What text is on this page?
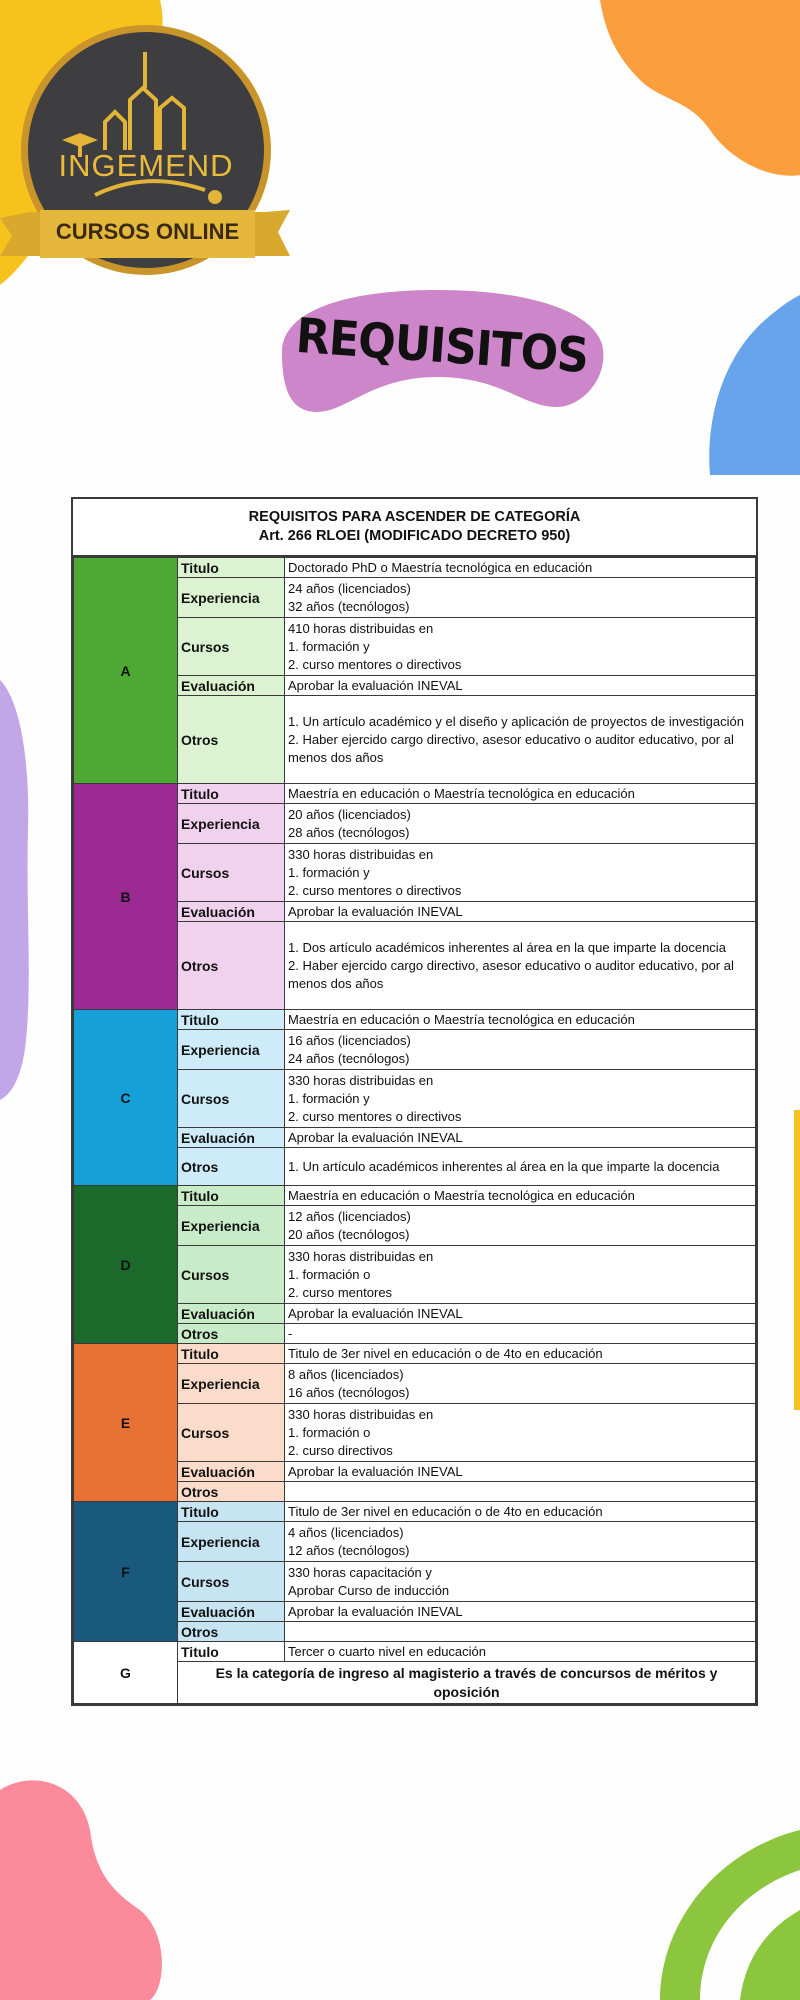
INGEMEND
CURSOS ONLINE
REQUISITOS
REQUISITOS PARA ASCENDER DE CATEGORÍA
Art. 266 RLOEI (MODIFICADO DECRETO 950)
A	Titulo	Doctorado PhD o Maestría tecnológica en educación
	Experiencia	24 años (licenciados)
32 años (tecnólogos)
	Cursos	410 horas distribuidas en
1. formación y
2. curso mentores o directivos
	Evaluación	Aprobar la evaluación INEVAL
	Otros	1. Un artículo académico y el diseño y aplicación de proyectos de investigación
2. Haber ejercido cargo directivo, asesor educativo o auditor educativo, por al menos dos años
B	Titulo	Maestría en educación o Maestría tecnológica en educación
	Experiencia	20 años (licenciados)
28 años (tecnólogos)
	Cursos	330 horas distribuidas en
1. formación y
2. curso mentores o directivos
	Evaluación	Aprobar la evaluación INEVAL
	Otros	1. Dos artículo académicos inherentes al área en la que imparte la docencia
2. Haber ejercido cargo directivo, asesor educativo o auditor educativo, por al menos dos años
C	Titulo	Maestría en educación o Maestría tecnológica en educación
	Experiencia	16 años (licenciados)
24 años (tecnólogos)
	Cursos	330 horas distribuidas en
1. formación y
2. curso mentores o directivos
	Evaluación	Aprobar la evaluación INEVAL
	Otros	1. Un artículo académicos inherentes al área en la que imparte la docencia
D	Titulo	Maestría en educación o Maestría tecnológica en educación
	Experiencia	12 años (licenciados)
20 años (tecnólogos)
	Cursos	330 horas distribuidas en
1. formación o
2. curso mentores
	Evaluación	Aprobar la evaluación INEVAL
	Otros	-
E	Titulo	Titulo de 3er nivel en educación o de 4to en educación
	Experiencia	8 años (licenciados)
16 años (tecnólogos)
	Cursos	330 horas distribuidas en
1. formación o
2. curso directivos
	Evaluación	Aprobar la evaluación INEVAL
	Otros	
F	Titulo	Titulo de 3er nivel en educación o de 4to en educación
	Experiencia	4 años (licenciados)
12 años (tecnólogos)
	Cursos	330 horas capacitación y
Aprobar Curso de inducción
	Evaluación	Aprobar la evaluación INEVAL
	Otros	
G	Titulo	Tercer o cuarto nivel en educación
	Es la categoría de ingreso al magisterio a través de concursos de méritos y oposición	
